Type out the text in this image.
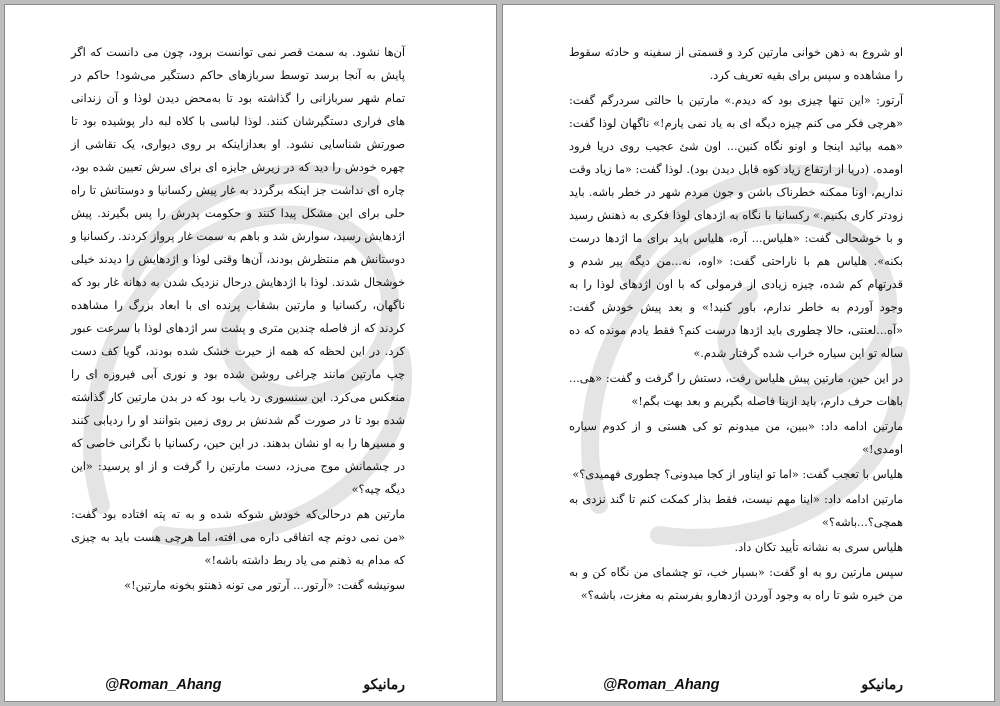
آن‌ها نشود. به سمت قصر نمی توانست برود، چون می دانست که اگر پایش به آنجا برسد توسط سربازهای حاکم دستگیر می‌شود! حاکم در تمام شهر سربازانی را گذاشته بود تا به‌محض دیدن لوذا و آن زندانی های فراری دستگیرشان کنند. لوذا لباسی با کلاه لبه دار پوشیده بود تا صورتش شناسایی نشود. او بعدازاینکه بر روی دیواری، یک نقاشی از چهره خودش را دید که در زیرش جایزه ای برای سرش تعیین شده بود، چاره ای نداشت جز اینکه برگردد به غار پیش رکسانیا و دوستانش تا راه حلی برای این مشکل پیدا کنند و حکومت پدرش را پس بگیرند. پیش اژدهایش رسید، سوارش شد و باهم به سمت غار پرواز کردند. رکسانیا و دوستانش هم منتظرش بودند، آن‌ها وقتی لوذا و اژدهایش را دیدند خیلی خوشحال شدند. لوذا با اژدهایش درحال نزدیک شدن به دهانه غار بود که ناگهان، رکسانیا و مارتین بشقاب پرنده ای با ابعاد بزرگ را مشاهده کردند که از فاصله چندین متری و پشت سر اژدهای لوذا با سرعت عبور کرد. در این لحظه که همه از حیرت خشک شده بودند، گویا کف دست چپ مارتین مانند چراغی روشن شده بود و نوری آبی فیروزه ای را منعکس می‌کرد. این سنسوری رد یاب بود که در بدن مارتین کار گذاشته شده بود تا در صورت گم شدنش بر روی زمین بتوانند او را ردیابی کنند و مسیرها را به او نشان بدهند. در این حین، رکسانیا با نگرانی خاصی که در چشمانش موج می‌زد، دست مارتین را گرفت و از او پرسید: «این دیگه چیه؟»

مارتین هم درحالی‌که خودش شوکه شده و به ته پته افتاده بود گفت: «من نمی دونم چه اتفاقی داره می افته، اما هرچی هست باید به چیزی که مدام به ذهنم می یاد ربط داشته باشه!»

سونیشه گفت: «آرتور... آرتور می تونه ذهنتو بخونه مارتین!»

@Roman_Ahang	رمانیکو

او شروع به ذهن خوانی مارتین کرد و قسمتی از سفینه و حادثه سقوط را مشاهده و سپس برای بقیه تعریف کرد.

آرتور: «این تنها چیزی بود که دیدم.» مارتین با حالتی سردرگم گفت: «هرچی فکر می کنم چیزه دیگه ای به یاد نمی یارم!» ناگهان لوذا گفت: «همه بیائید اینجا و اونو نگاه کنین... اون شئ عجیب روی دریا فرود اومده. (دریا از ارتفاع زیاد کوه قابل دیدن بود). لوذا گفت: «ما زیاد وقت نداریم، اونا ممکنه خطرناک باشن و جون مردم شهر در خطر باشه. باید زودتر کاری بکنیم.» رکسانیا با نگاه به اژدهای لوذا فکری به ذهنش رسید و با خوشحالی گفت: «هلیاس... آره، هلیاس باید برای ما اژدها درست بکنه». هلیاس هم با ناراحتی گفت: «اوه، نه...من دیگه پیر شدم و قدرتهام کم شده، چیزه زیادی از فرمولی که با اون اژدهای لوذا را به وجود آوردم به خاطر ندارم، باور کنید!» و بعد پیش خودش گفت: «آه...لعنتی، حالا چطوری باید اژدها درست کنم؟ فقط یادم مونده که ده ساله تو این سیاره خراب شده گرفتار شدم.»

در این حین، مارتین پیش هلیاس رفت، دستش را گرفت و گفت: «هی... باهات حرف دارم، باید ازینا فاصله بگیریم و بعد بهت بگم!»

مارتین ادامه داد: «ببین، من میدونم تو کی هستی و از کدوم سیاره اومدی!»

هلیاس با تعجب گفت: «اما تو ایناور از کجا میدونی؟ چطوری فهمیدی؟»

مارتین ادامه داد: «اینا مهم نیست، فقط بذار کمکت کنم تا گند نزدی به همچی؟...باشه؟»

هلیاس سری به نشانه تأیید تکان داد.

سپس مارتین رو به او گفت: «بسیار خب، تو چشمای من نگاه کن و به من خیره شو تا راه به وجود آوردن اژدهارو بفرستم به مغزت، باشه؟»

@Roman_Ahang	رمانیکو
